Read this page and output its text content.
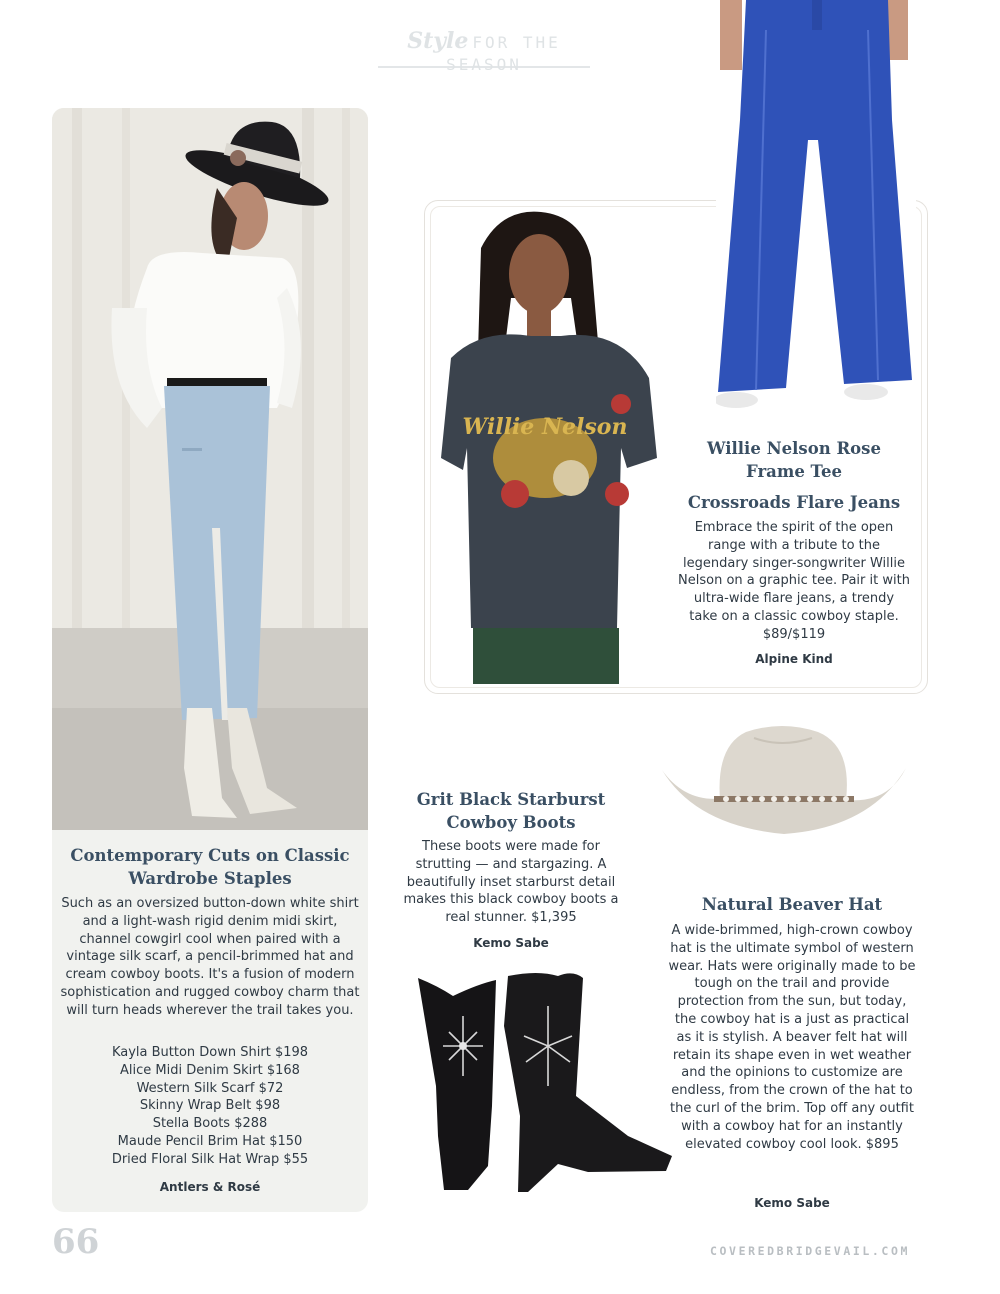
Style FOR THE SEASON
Contemporary Cuts on Classic Wardrobe Staples
Such as an oversized button-down white shirt and a light-wash rigid denim midi skirt, channel cowgirl cool when paired with a vintage silk scarf, a pencil-brimmed hat and cream cowboy boots. It's a fusion of modern sophistication and rugged cowboy charm that will turn heads wherever the trail takes you.
Kayla Button Down Shirt $198
Alice Midi Denim Skirt $168
Western Silk Scarf $72
Skinny Wrap Belt $98
Stella Boots $288
Maude Pencil Brim Hat $150
Dried Floral Silk Hat Wrap $55
Antlers & Rosé
Willie Nelson
Willie Nelson Rose Frame Tee
Crossroads Flare Jeans
Embrace the spirit of the open range with a tribute to the legendary singer-songwriter Willie Nelson on a graphic tee. Pair it with ultra-wide flare jeans, a trendy take on a classic cowboy staple. $89/$119
Alpine Kind
Grit Black Starburst Cowboy Boots
These boots were made for strutting — and stargazing. A beautifully inset starburst detail makes this black cowboy boots a real stunner. $1,395
Kemo Sabe
Natural Beaver Hat
A wide-brimmed, high-crown cowboy hat is the ultimate symbol of western wear. Hats were originally made to be tough on the trail and provide protection from the sun, but today, the cowboy hat is a just as practical as it is stylish. A beaver felt hat will retain its shape even in wet weather and the opinions to customize are endless, from the crown of the hat to the curl of the brim. Top off any outfit with a cowboy hat for an instantly elevated cowboy cool look. $895
Kemo Sabe
66	COVEREDBRIDGEVAIL.COM
